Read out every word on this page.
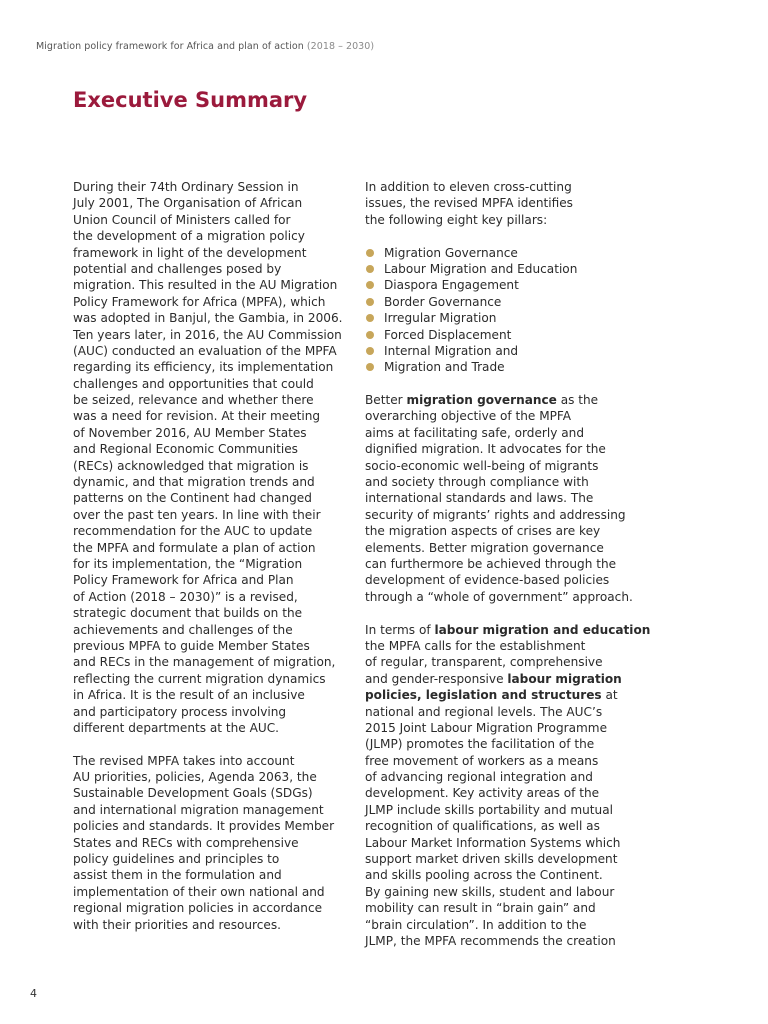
Migration policy framework for Africa and plan of action (2018 – 2030)
Executive Summary
During their 74th Ordinary Session in
July 2001, The Organisation of African
Union Council of Ministers called for
the development of a migration policy
framework in light of the development
potential and challenges posed by
migration. This resulted in the AU Migration
Policy Framework for Africa (MPFA), which
was adopted in Banjul, the Gambia, in 2006.
Ten years later, in 2016, the AU Commission
(AUC) conducted an evaluation of the MPFA
regarding its efficiency, its implementation
challenges and opportunities that could
be seized, relevance and whether there
was a need for revision. At their meeting
of November 2016, AU Member States
and Regional Economic Communities
(RECs) acknowledged that migration is
dynamic, and that migration trends and
patterns on the Continent had changed
over the past ten years. In line with their
recommendation for the AUC to update
the MPFA and formulate a plan of action
for its implementation, the “Migration
Policy Framework for Africa and Plan
of Action (2018 – 2030)” is a revised,
strategic document that builds on the
achievements and challenges of the
previous MPFA to guide Member States
and RECs in the management of migration,
reflecting the current migration dynamics
in Africa. It is the result of an inclusive
and participatory process involving
different departments at the AUC.
The revised MPFA takes into account
AU priorities, policies, Agenda 2063, the
Sustainable Development Goals (SDGs)
and international migration management
policies and standards. It provides Member
States and RECs with comprehensive
policy guidelines and principles to
assist them in the formulation and
implementation of their own national and
regional migration policies in accordance
with their priorities and resources.
In addition to eleven cross-cutting
issues, the revised MPFA identifies
the following eight key pillars:
Migration Governance
Labour Migration and Education
Diaspora Engagement
Border Governance
Irregular Migration
Forced Displacement
Internal Migration and
Migration and Trade
Better migration governance as the
overarching objective of the MPFA
aims at facilitating safe, orderly and
dignified migration. It advocates for the
socio-economic well-being of migrants
and society through compliance with
international standards and laws. The
security of migrants’ rights and addressing
the migration aspects of crises are key
elements. Better migration governance
can furthermore be achieved through the
development of evidence-based policies
through a “whole of government” approach.
In terms of labour migration and education
the MPFA calls for the establishment
of regular, transparent, comprehensive
and gender-responsive labour migration
policies, legislation and structures at
national and regional levels. The AUC’s
2015 Joint Labour Migration Programme
(JLMP) promotes the facilitation of the
free movement of workers as a means
of advancing regional integration and
development. Key activity areas of the
JLMP include skills portability and mutual
recognition of qualifications, as well as
Labour Market Information Systems which
support market driven skills development
and skills pooling across the Continent.
By gaining new skills, student and labour
mobility can result in “brain gain” and
“brain circulation”. In addition to the
JLMP, the MPFA recommends the creation
4
